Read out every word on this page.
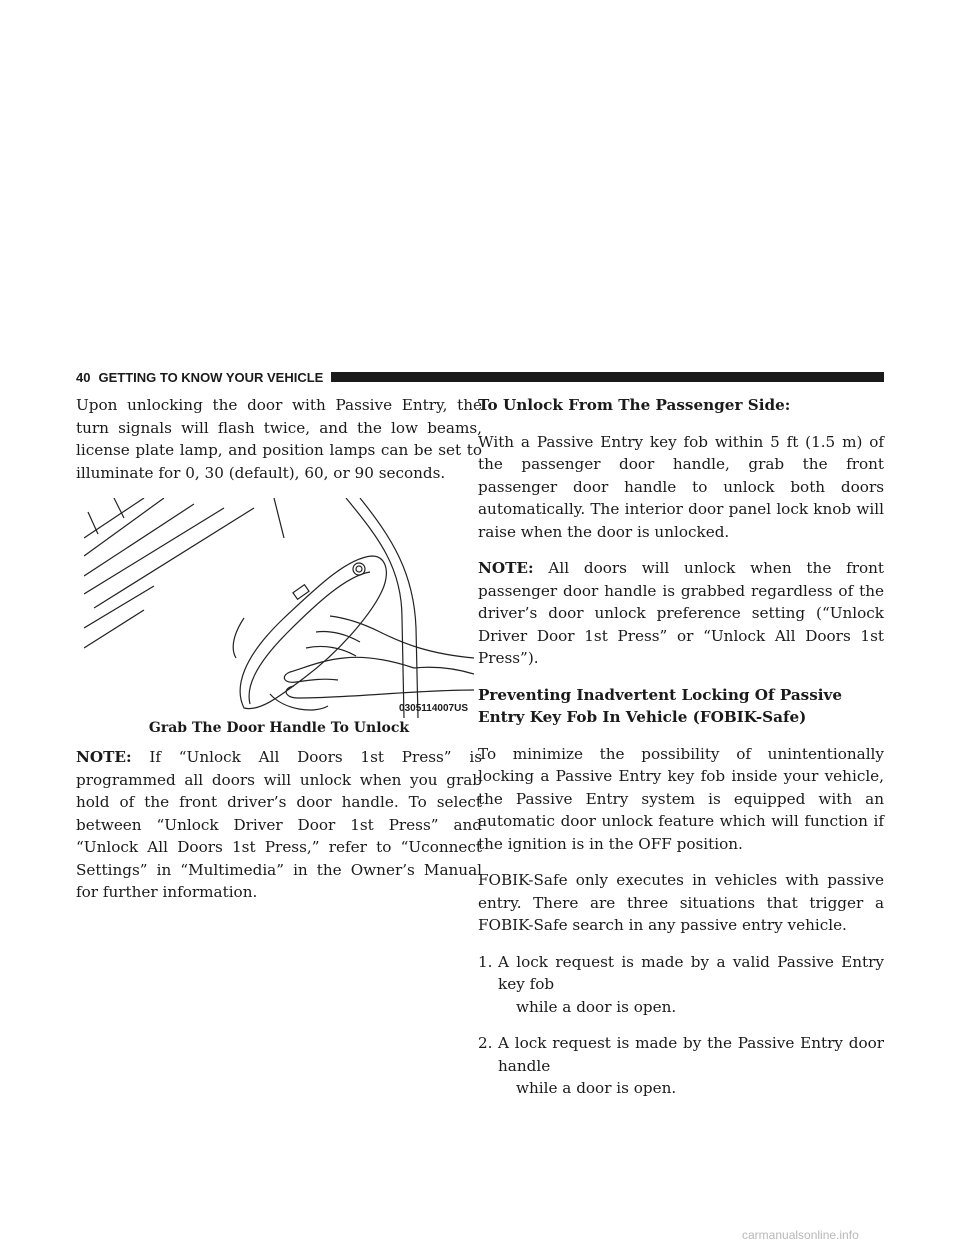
40 GETTING TO KNOW YOUR VEHICLE

Upon unlocking the door with Passive Entry, the turn signals will flash twice, and the low beams, license plate lamp, and position lamps can be set to illuminate for 0, 30 (default), 60, or 90 seconds.

0305114007US
Grab The Door Handle To Unlock

NOTE: If “Unlock All Doors 1st Press” is programmed all doors will unlock when you grab hold of the front driver’s door handle. To select between “Unlock Driver Door 1st Press” and “Unlock All Doors 1st Press,” refer to “Uconnect Settings” in “Multimedia” in the Owner’s Manual for further information.

To Unlock From The Passenger Side:

With a Passive Entry key fob within 5 ft (1.5 m) of the passenger door handle, grab the front passenger door handle to unlock both doors automatically. The interior door panel lock knob will raise when the door is unlocked.

NOTE: All doors will unlock when the front passenger door handle is grabbed regardless of the driver’s door unlock preference setting (“Unlock Driver Door 1st Press” or “Unlock All Doors 1st Press”).

Preventing Inadvertent Locking Of Passive Entry Key Fob In Vehicle (FOBIK-Safe)

To minimize the possibility of unintentionally locking a Passive Entry key fob inside your vehicle, the Passive Entry system is equipped with an automatic door unlock feature which will function if the ignition is in the OFF position.

FOBIK-Safe only executes in vehicles with passive entry. There are three situations that trigger a FOBIK-Safe search in any passive entry vehicle.

1. A lock request is made by a valid Passive Entry key fob
while a door is open.
2. A lock request is made by the Passive Entry door handle
while a door is open.
carmanualsonline.info
